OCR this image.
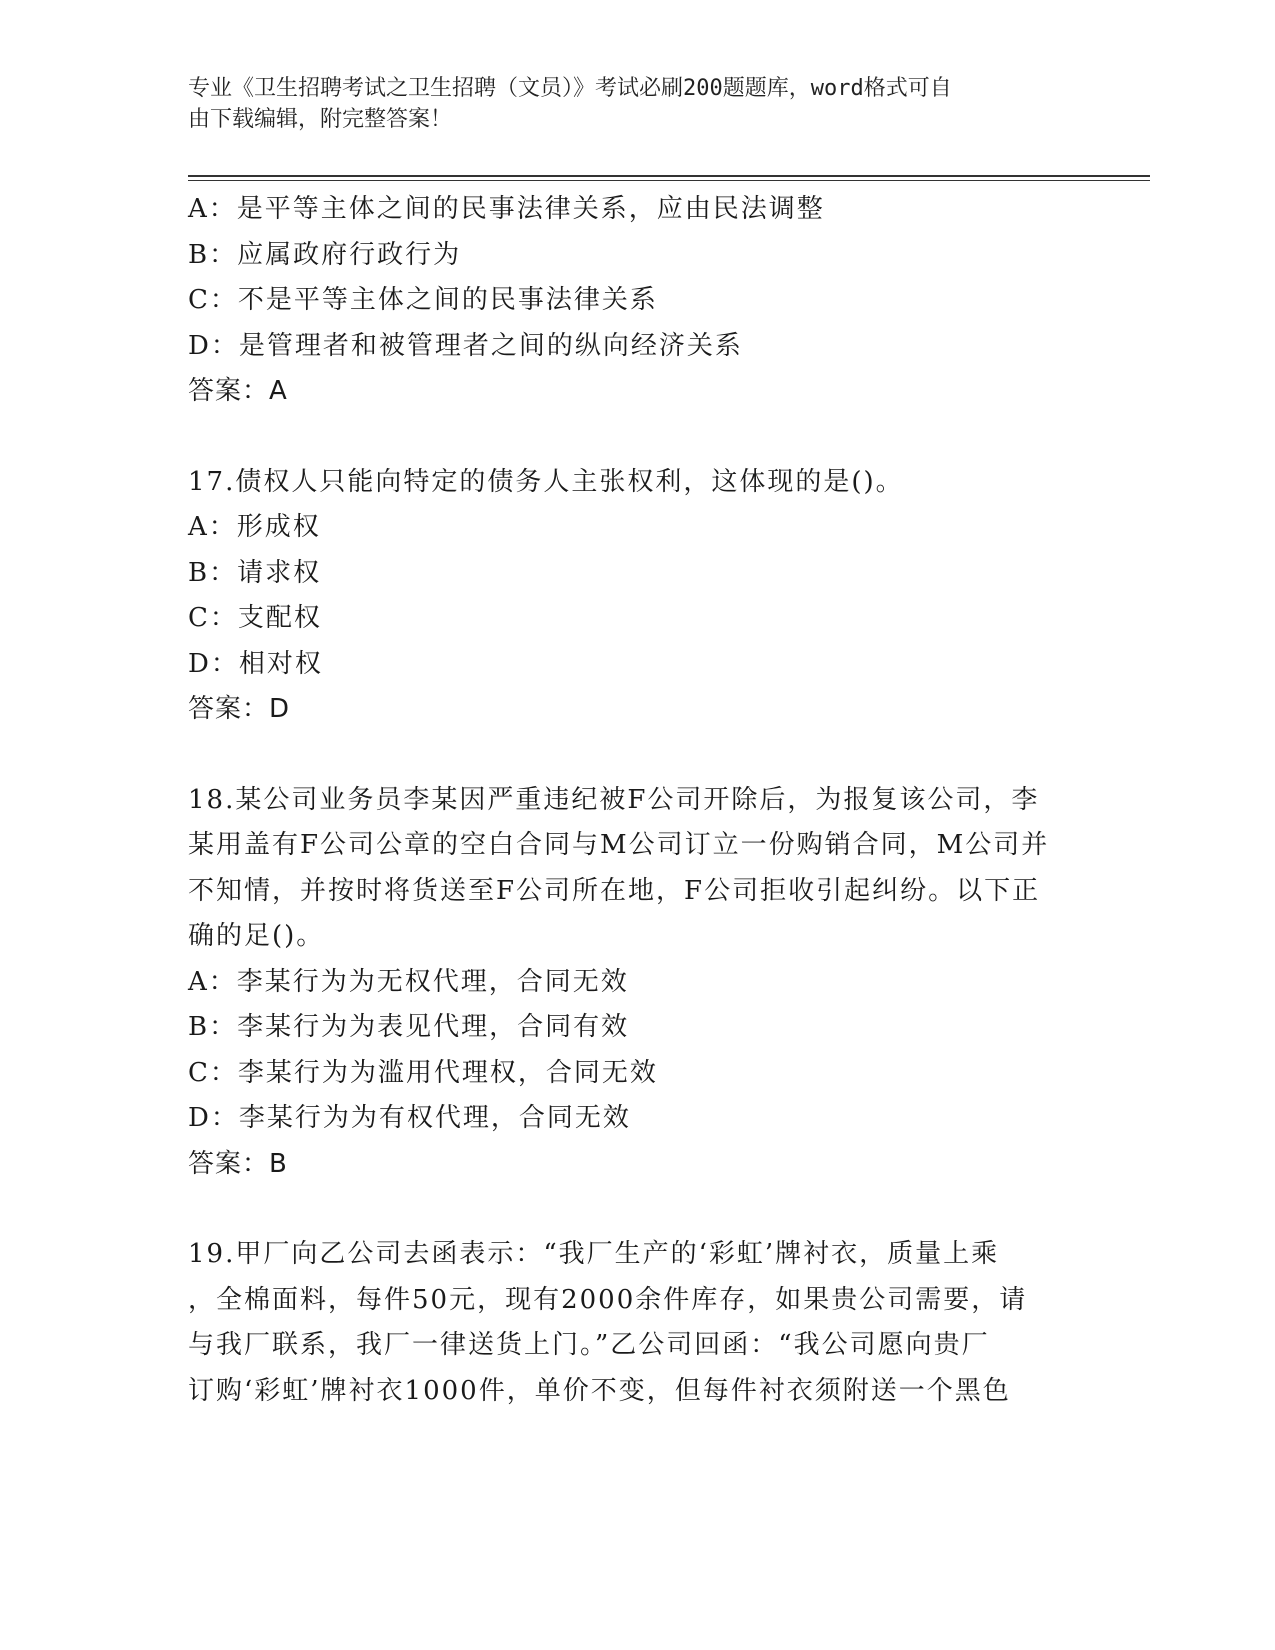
专业《卫生招聘考试之卫生招聘（文员）》考试必刷200题题库，word格式可自
由下载编辑，附完整答案！
A：是平等主体之间的民事法律关系，应由民法调整
B：应属政府行政行为
C：不是平等主体之间的民事法律关系
D：是管理者和被管理者之间的纵向经济关系
答案：A
17.债权人只能向特定的债务人主张权利，这体现的是()。
A：形成权
B：请求权
C：支配权
D：相对权
答案：D
18.某公司业务员李某因严重违纪被F公司开除后，为报复该公司，李
某用盖有F公司公章的空白合同与M公司订立一份购销合同，M公司并
不知情，并按时将货送至F公司所在地，F公司拒收引起纠纷。以下正
确的足()。
A：李某行为为无权代理，合同无效
B：李某行为为表见代理，合同有效
C：李某行为为滥用代理权，合同无效
D：李某行为为有权代理，合同无效
答案：B
19.甲厂向乙公司去函表示：“我厂生产的‘彩虹’牌衬衣，质量上乘
，全棉面料，每件50元，现有2000余件库存，如果贵公司需要，请
与我厂联系，我厂一律送货上门。”乙公司回函：“我公司愿向贵厂
订购‘彩虹’牌衬衣1000件，单价不变，但每件衬衣须附送一个黑色
